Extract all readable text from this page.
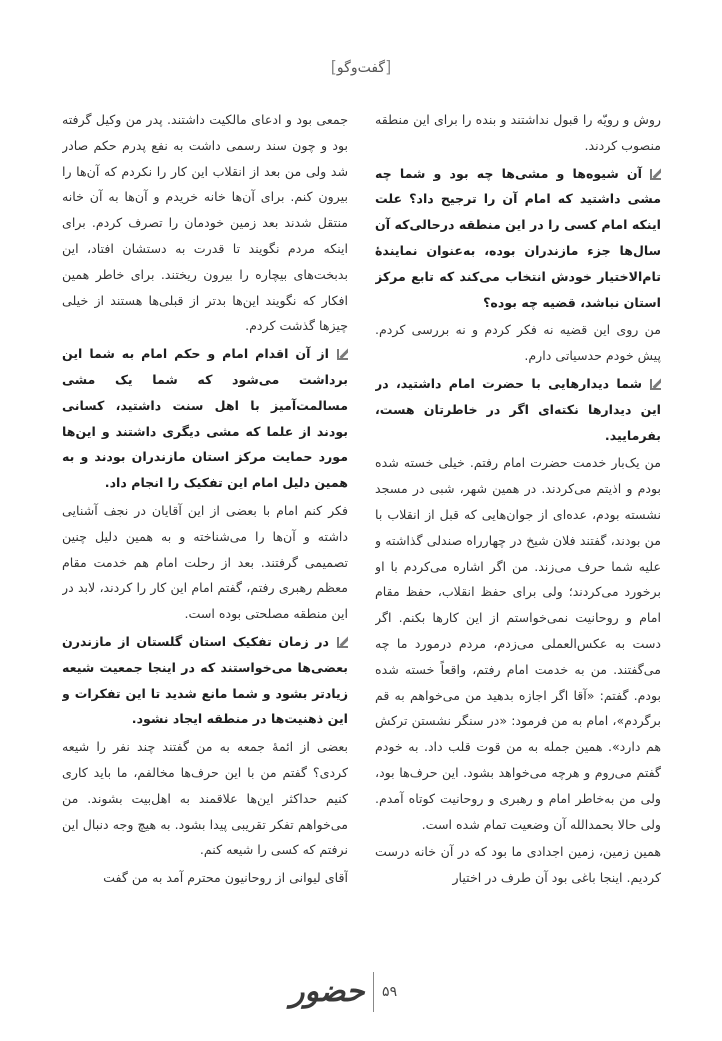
[گفت‌وگو]

روش و رویّه را قبول نداشتند و بنده را برای این منطقه منصوب کردند.

آن شیوه‌ها و مشی‌ها چه بود و شما چه مشی داشتید که امام آن را ترجیح داد؟ علت اینکه امام کسی را در این منطقه درحالی‌که آن سال‌ها جزء مازندران بوده، به‌عنوان نمایندۀ تام‌الاختیار خودش انتخاب می‌کند که تابع مرکز استان نباشد، قضیه چه بوده؟

من روی این قضیه نه فکر کردم و نه بررسی کردم. پیش خودم حدسیاتی دارم.

شما دیدارهایی با حضرت امام داشتید، در این دیدارها نکته‌ای اگر در خاطرتان هست، بفرمایید.

من یک‌بار خدمت حضرت امام رفتم. خیلی خسته شده بودم و اذیتم می‌کردند. در همین شهر، شبی در مسجد نشسته بودم، عده‌ای از جوان‌هایی که قبل از انقلاب با من بودند، گفتند فلان شیخ در چهارراه صندلی گذاشته و علیه شما حرف می‌زند. من اگر اشاره می‌کردم با او برخورد می‌کردند؛ ولی برای حفظ انقلاب، حفظ مقام امام و روحانیت نمی‌خواستم از این کارها بکنم. اگر دست به عکس‌العملی می‌زدم، مردم درمورد ما چه می‌گفتند. من به خدمت امام رفتم، واقعاً خسته شده بودم. گفتم: «آقا اگر اجازه بدهید من می‌خواهم به قم برگردم»، امام به من فرمود: «در سنگر نشستن ترکش هم دارد». همین جمله به من قوت قلب داد. به خودم گفتم می‌روم و هرچه می‌خواهد بشود. این حرف‌ها بود، ولی من به‌خاطر امام و رهبری و روحانیت کوتاه آمدم. ولی حالا بحمدالله آن وضعیت تمام شده است.

همین زمین، زمین اجدادی ما بود که در آن خانه درست کردیم. اینجا باغی بود آن طرف در اختیار

جمعی بود و ادعای مالکیت داشتند. پدر من وکیل گرفته بود و چون سند رسمی داشت به نفع پدرم حکم صادر شد ولی من بعد از انقلاب این کار را نکردم که آن‌ها را بیرون کنم. برای آن‌ها خانه خریدم و آن‌ها به آن خانه منتقل شدند بعد زمین خودمان را تصرف کردم. برای اینکه مردم نگویند تا قدرت به دستشان افتاد، این بدبخت‌های بیچاره را بیرون ریختند. برای خاطر همین افکار که نگویند این‌ها بدتر از قبلی‌ها هستند از خیلی چیزها گذشت کردم.

از آن اقدام امام و حکم امام به شما این برداشت می‌شود که شما یک مشی مسالمت‌آمیز با اهل سنت داشتید، کسانی بودند از علما که مشی دیگری داشتند و این‌ها مورد حمایت مرکز استان مازندران بودند و به همین دلیل امام این تفکیک را انجام داد.

فکر کنم امام با بعضی از این آقایان در نجف آشنایی داشته و آن‌ها را می‌شناخته و به همین دلیل چنین تصمیمی گرفتند. بعد از رحلت امام هم خدمت مقام معظم رهبری رفتم، گفتم امام این کار را کردند، لابد در این منطقه مصلحتی بوده است.

در زمان تفکیک استان گلستان از مازندرن بعضی‌ها می‌خواستند که در اینجا جمعیت شیعه زیادتر بشود و شما مانع شدید تا این تفکرات و این ذهنیت‌ها در منطقه ایجاد نشود.

بعضی از ائمۀ جمعه به من گفتند چند نفر را شیعه کردی؟ گفتم من با این حرف‌ها مخالفم، ما باید کاری کنیم حداکثر این‌ها علاقمند به اهل‌بیت بشوند. من می‌خواهم تفکر تقریبی پیدا بشود. به هیچ وجه دنبال این نرفتم که کسی را شیعه کنم.

آقای لیوانی از روحانیون محترم آمد به من گفت

حضور ۵۹
